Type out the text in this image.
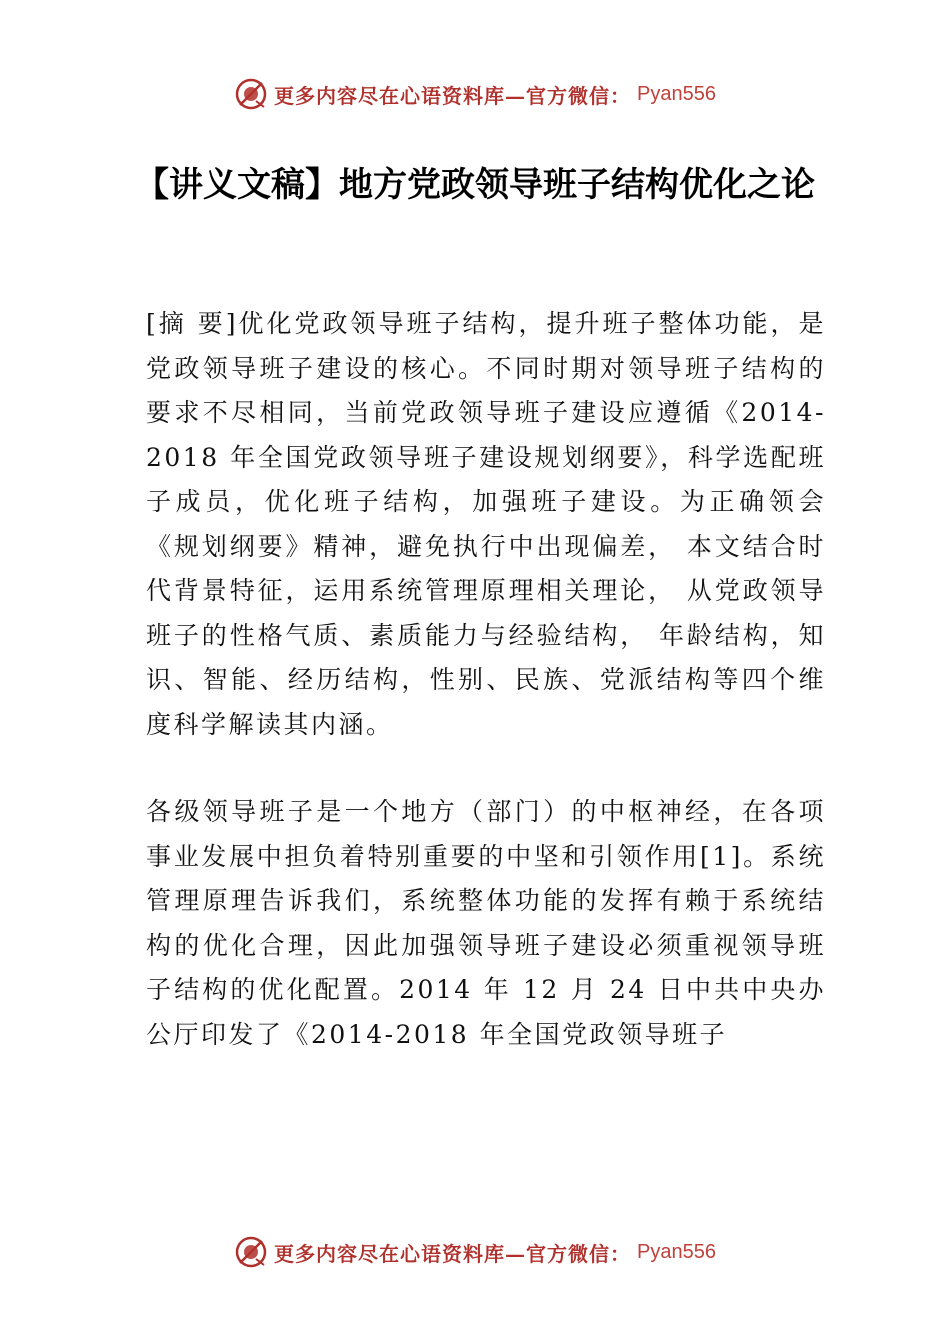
更多内容尽在心语资料库—官方微信： Pyan556
【讲义文稿】地方党政领导班子结构优化之论
[摘 要]优化党政领导班子结构，提升班子整体功能，是党政领导班子建设的核心。不同时期对领导班子结构的要求不尽相同，当前党政领导班子建设应遵循《2014-2018 年全国党政领导班子建设规划纲要》，科学选配班子成员，优化班子结构，加强班子建设。为正确领会《规划纲要》精神，避免执行中出现偏差， 本文结合时代背景特征，运用系统管理原理相关理论， 从党政领导班子的性格气质、素质能力与经验结构， 年龄结构，知识、智能、经历结构，性别、民族、党派结构等四个维度科学解读其内涵。
各级领导班子是一个地方（部门）的中枢神经，在各项事业发展中担负着特别重要的中坚和引领作用[1]。系统管理原理告诉我们，系统整体功能的发挥有赖于系统结构的优化合理，因此加强领导班子建设必须重视领导班子结构的优化配置。2014 年 12 月 24 日中共中央办公厅印发了《2014-2018 年全国党政领导班子
更多内容尽在心语资料库—官方微信： Pyan556
